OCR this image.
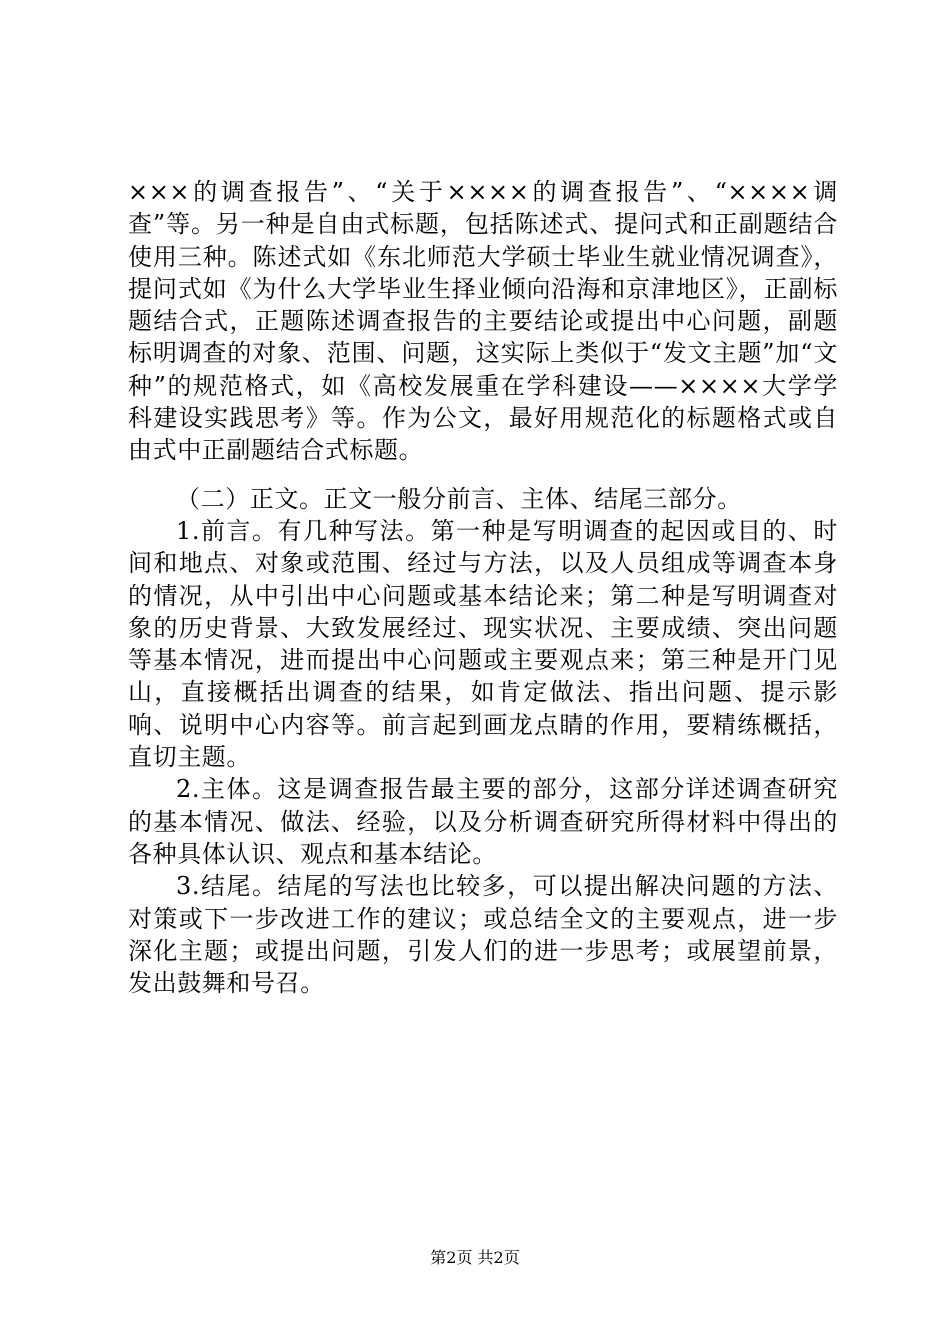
×××的调查报告”、“关于××××的调查报告”、“××××调查”等。另一种是自由式标题，包括陈述式、提问式和正副题结合使用三种。陈述式如《东北师范大学硕士毕业生就业情况调查》，提问式如《为什么大学毕业生择业倾向沿海和京津地区》，正副标题结合式，正题陈述调查报告的主要结论或提出中心问题，副题标明调查的对象、范围、问题，这实际上类似于“发文主题”加“文种”的规范格式，如《高校发展重在学科建设——××××大学学科建设实践思考》等。作为公文，最好用规范化的标题格式或自由式中正副题结合式标题。

（二）正文。正文一般分前言、主体、结尾三部分。

1.前言。有几种写法。第一种是写明调查的起因或目的、时间和地点、对象或范围、经过与方法，以及人员组成等调查本身的情况，从中引出中心问题或基本结论来；第二种是写明调查对象的历史背景、大致发展经过、现实状况、主要成绩、突出问题等基本情况，进而提出中心问题或主要观点来；第三种是开门见山，直接概括出调查的结果，如肯定做法、指出问题、提示影响、说明中心内容等。前言起到画龙点睛的作用，要精练概括，直切主题。

2.主体。这是调查报告最主要的部分，这部分详述调查研究的基本情况、做法、经验，以及分析调查研究所得材料中得出的各种具体认识、观点和基本结论。

3.结尾。结尾的写法也比较多，可以提出解决问题的方法、对策或下一步改进工作的建议；或总结全文的主要观点，进一步深化主题；或提出问题，引发人们的进一步思考；或展望前景，发出鼓舞和号召。

第2页 共2页
